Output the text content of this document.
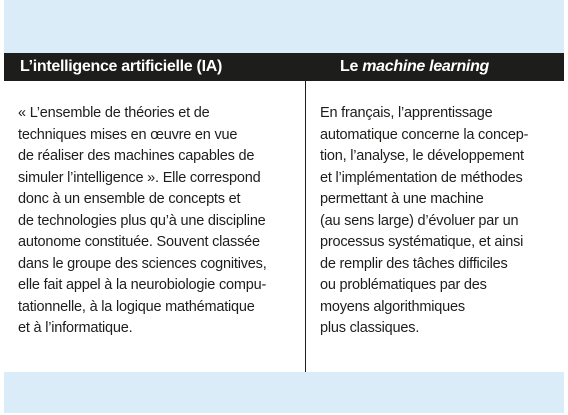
L’intelligence artificielle (IA)	Le machine learning
« L’ensemble de théories et de
techniques mises en œuvre en vue
de réaliser des machines capables de
simuler l’intelligence ». Elle correspond
donc à un ensemble de concepts et
de technologies plus qu’à une discipline
autonome constituée. Souvent classée
dans le groupe des sciences cognitives,
elle fait appel à la neurobiologie compu-
tationnelle, à la logique mathématique
et à l’informatique.
En français, l’apprentissage
automatique concerne la concep-
tion, l’analyse, le développement
et l’implémentation de méthodes
permettant à une machine
(au sens large) d’évoluer par un
processus systématique, et ainsi
de remplir des tâches difficiles
ou problématiques par des
moyens algorithmiques
plus classiques.
